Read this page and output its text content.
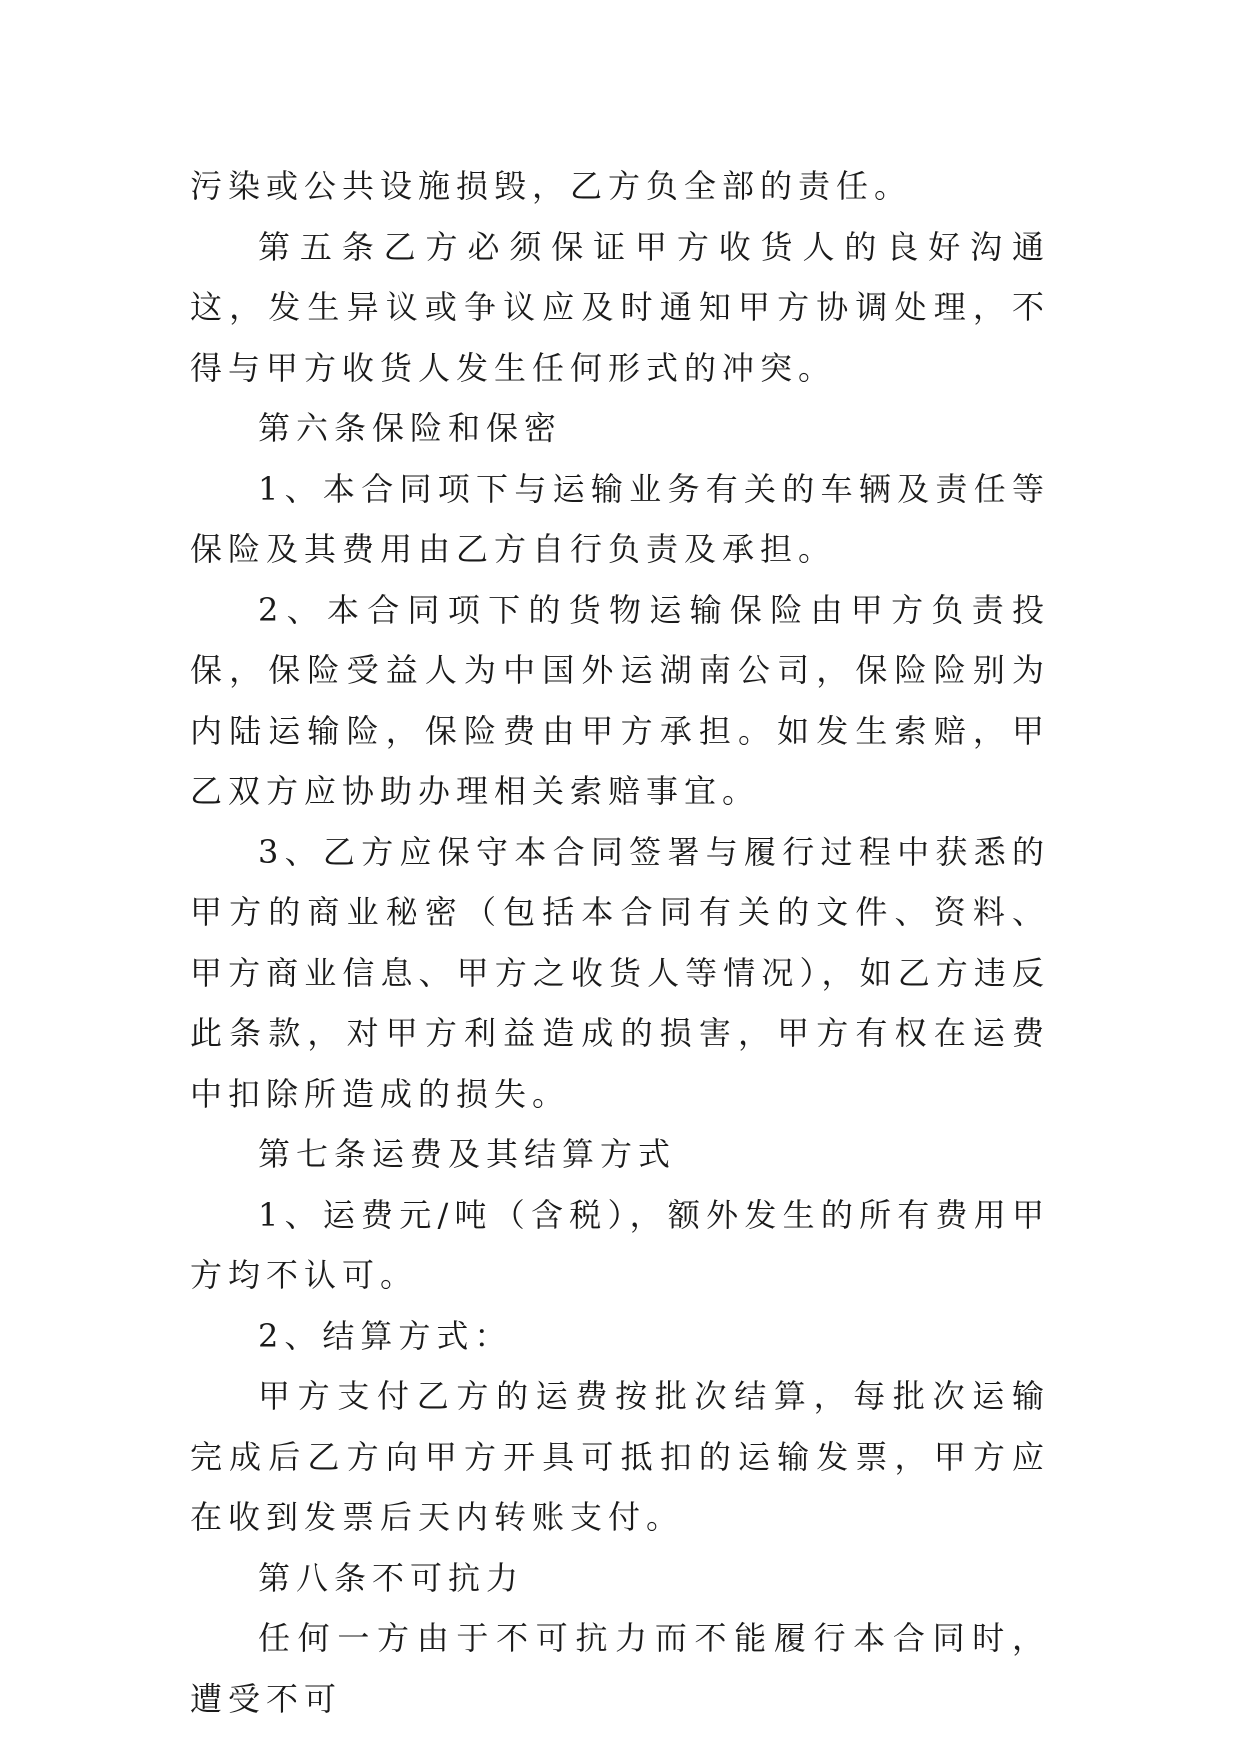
污染或公共设施损毁，乙方负全部的责任。

第五条乙方必须保证甲方收货人的良好沟通这，发生异议或争议应及时通知甲方协调处理，不得与甲方收货人发生任何形式的冲突。

第六条保险和保密

1、本合同项下与运输业务有关的车辆及责任等保险及其费用由乙方自行负责及承担。

2、本合同项下的货物运输保险由甲方负责投保，保险受益人为中国外运湖南公司，保险险别为内陆运输险，保险费由甲方承担。如发生索赔，甲乙双方应协助办理相关索赔事宜。

3、乙方应保守本合同签署与履行过程中获悉的甲方的商业秘密（包括本合同有关的文件、资料、甲方商业信息、甲方之收货人等情况），如乙方违反此条款，对甲方利益造成的损害，甲方有权在运费中扣除所造成的损失。

第七条运费及其结算方式

1、运费元/吨（含税），额外发生的所有费用甲方均不认可。

2、结算方式：

甲方支付乙方的运费按批次结算，每批次运输完成后乙方向甲方开具可抵扣的运输发票，甲方应在收到发票后天内转账支付。

第八条不可抗力

任何一方由于不可抗力而不能履行本合同时，遭受不可
